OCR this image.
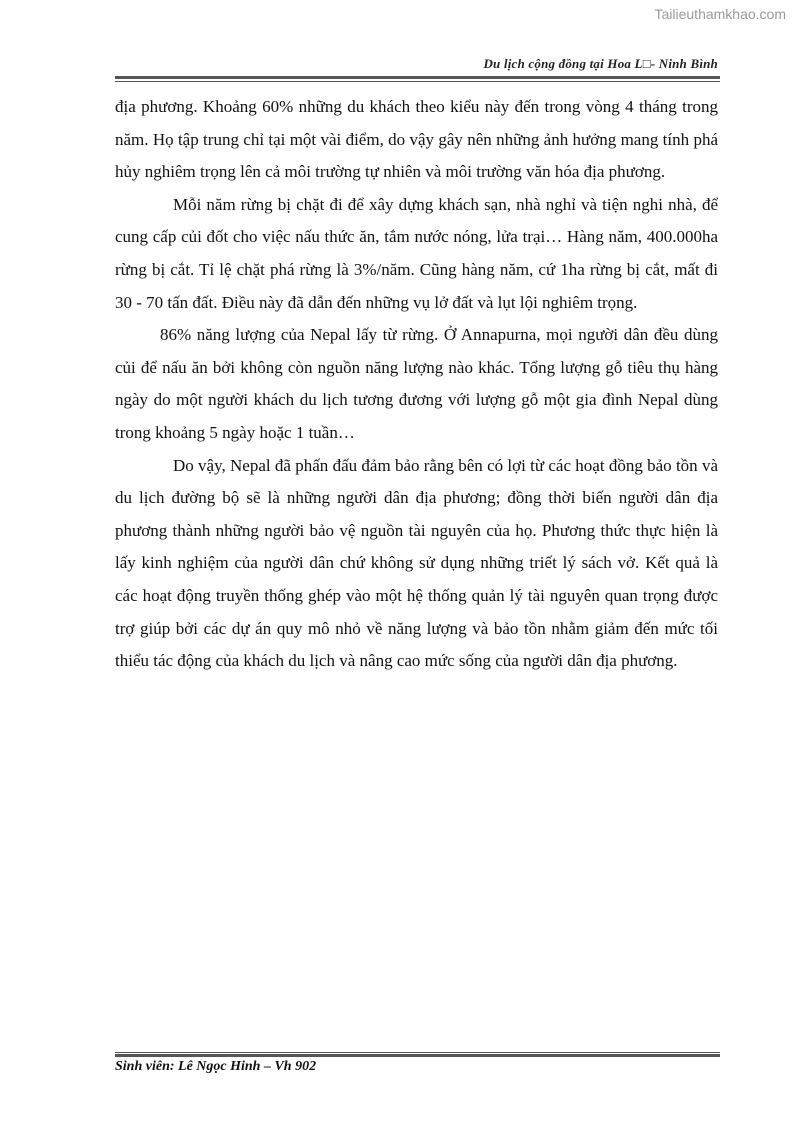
Tailieuthamkhao.com
Du lịch cộng đồng tại Hoa L□- Ninh Bình

địa phương. Khoảng 60% những du khách theo kiểu này đến trong vòng 4 tháng trong năm. Họ tập trung chỉ tại một vài điểm, do vậy gây nên những ảnh hưởng mang tính phá hủy nghiêm trọng lên cả môi trường tự nhiên và môi trường văn hóa địa phương.

Mỗi năm rừng bị chặt đi để xây dựng khách sạn, nhà nghỉ và tiện nghi nhà, để cung cấp củi đốt cho việc nấu thức ăn, tắm nước nóng, lửa trại… Hàng năm, 400.000ha rừng bị cắt. Tỉ lệ chặt phá rừng là 3%/năm. Cũng hàng năm, cứ 1ha rừng bị cắt, mất đi 30 - 70 tấn đất. Điều này đã dẫn đến những vụ lở đất và lụt lội nghiêm trọng.

86% năng lượng của Nepal lấy từ rừng. Ở Annapurna, mọi người dân đều dùng củi để nấu ăn bởi không còn nguồn năng lượng nào khác. Tổng lượng gỗ tiêu thụ hàng ngày do một người khách du lịch tương đương với lượng gỗ một gia đình Nepal dùng trong khoảng 5 ngày hoặc 1 tuần…

Do vậy, Nepal đã phấn đấu đảm bảo rằng bên có lợi từ các hoạt đồng bảo tồn và du lịch đường bộ sẽ là những người dân địa phương; đồng thời biến người dân địa phương thành những người bảo vệ nguồn tài nguyên của họ. Phương thức thực hiện là lấy kinh nghiệm của người dân chứ không sử dụng những triết lý sách vở. Kết quả là các hoạt động truyền thống ghép vào một hệ thống quản lý tài nguyên quan trọng được trợ giúp bởi các dự án quy mô nhỏ về năng lượng và bảo tồn nhằm giảm đến mức tối thiểu tác động của khách du lịch và nâng cao mức sống của người dân địa phương.

Sinh viên: Lê Ngọc Hinh – Vh 902
